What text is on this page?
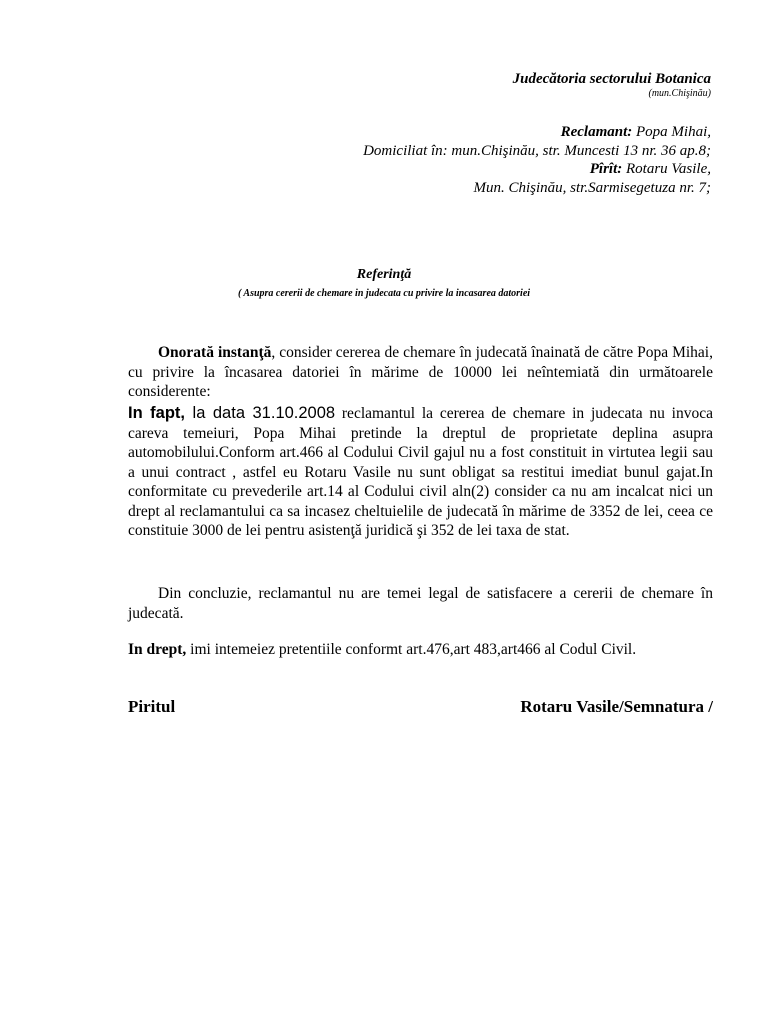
Judecătoria sectorului Botanica
(mun.Chişinău)
Reclamant: Popa Mihai,
Domiciliat în: mun.Chişinău, str. Muncesti 13 nr. 36 ap.8;
Pîrît: Rotaru Vasile,
Mun. Chişinău, str.Sarmisegetuza nr. 7;
Referinţă
( Asupra cererii de chemare in judecata cu privire la incasarea datoriei

Onorată instanţă, consider cererea de chemare în judecată înainată de către Popa Mihai, cu privire la încasarea datoriei în mărime de 10000 lei neîntemiată din următoarele considerente:

In fapt, la data 31.10.2008 reclamantul la cererea de chemare in judecata nu invoca careva temeiuri, Popa Mihai pretinde la dreptul de proprietate deplina asupra automobilului.Conform art.466 al Codului Civil gajul nu a fost constituit in virtutea legii sau a unui contract , astfel eu Rotaru Vasile nu sunt obligat sa restitui imediat bunul gajat.In conformitate cu prevederile art.14 al Codului civil aln(2) consider ca nu am incalcat nici un drept al reclamantului ca sa incasez cheltuielile de judecată în mărime de 3352 de lei, ceea ce constituie 3000 de lei pentru asistenţă juridică şi 352 de lei taxa de stat.

Din concluzie, reclamantul nu are temei legal de satisfacere a cererii de chemare în judecată.

In drept, imi intemeiez pretentiile conformt art.476,art 483,art466 al Codul Civil.

Piritul	Rotaru Vasile/Semnatura /
